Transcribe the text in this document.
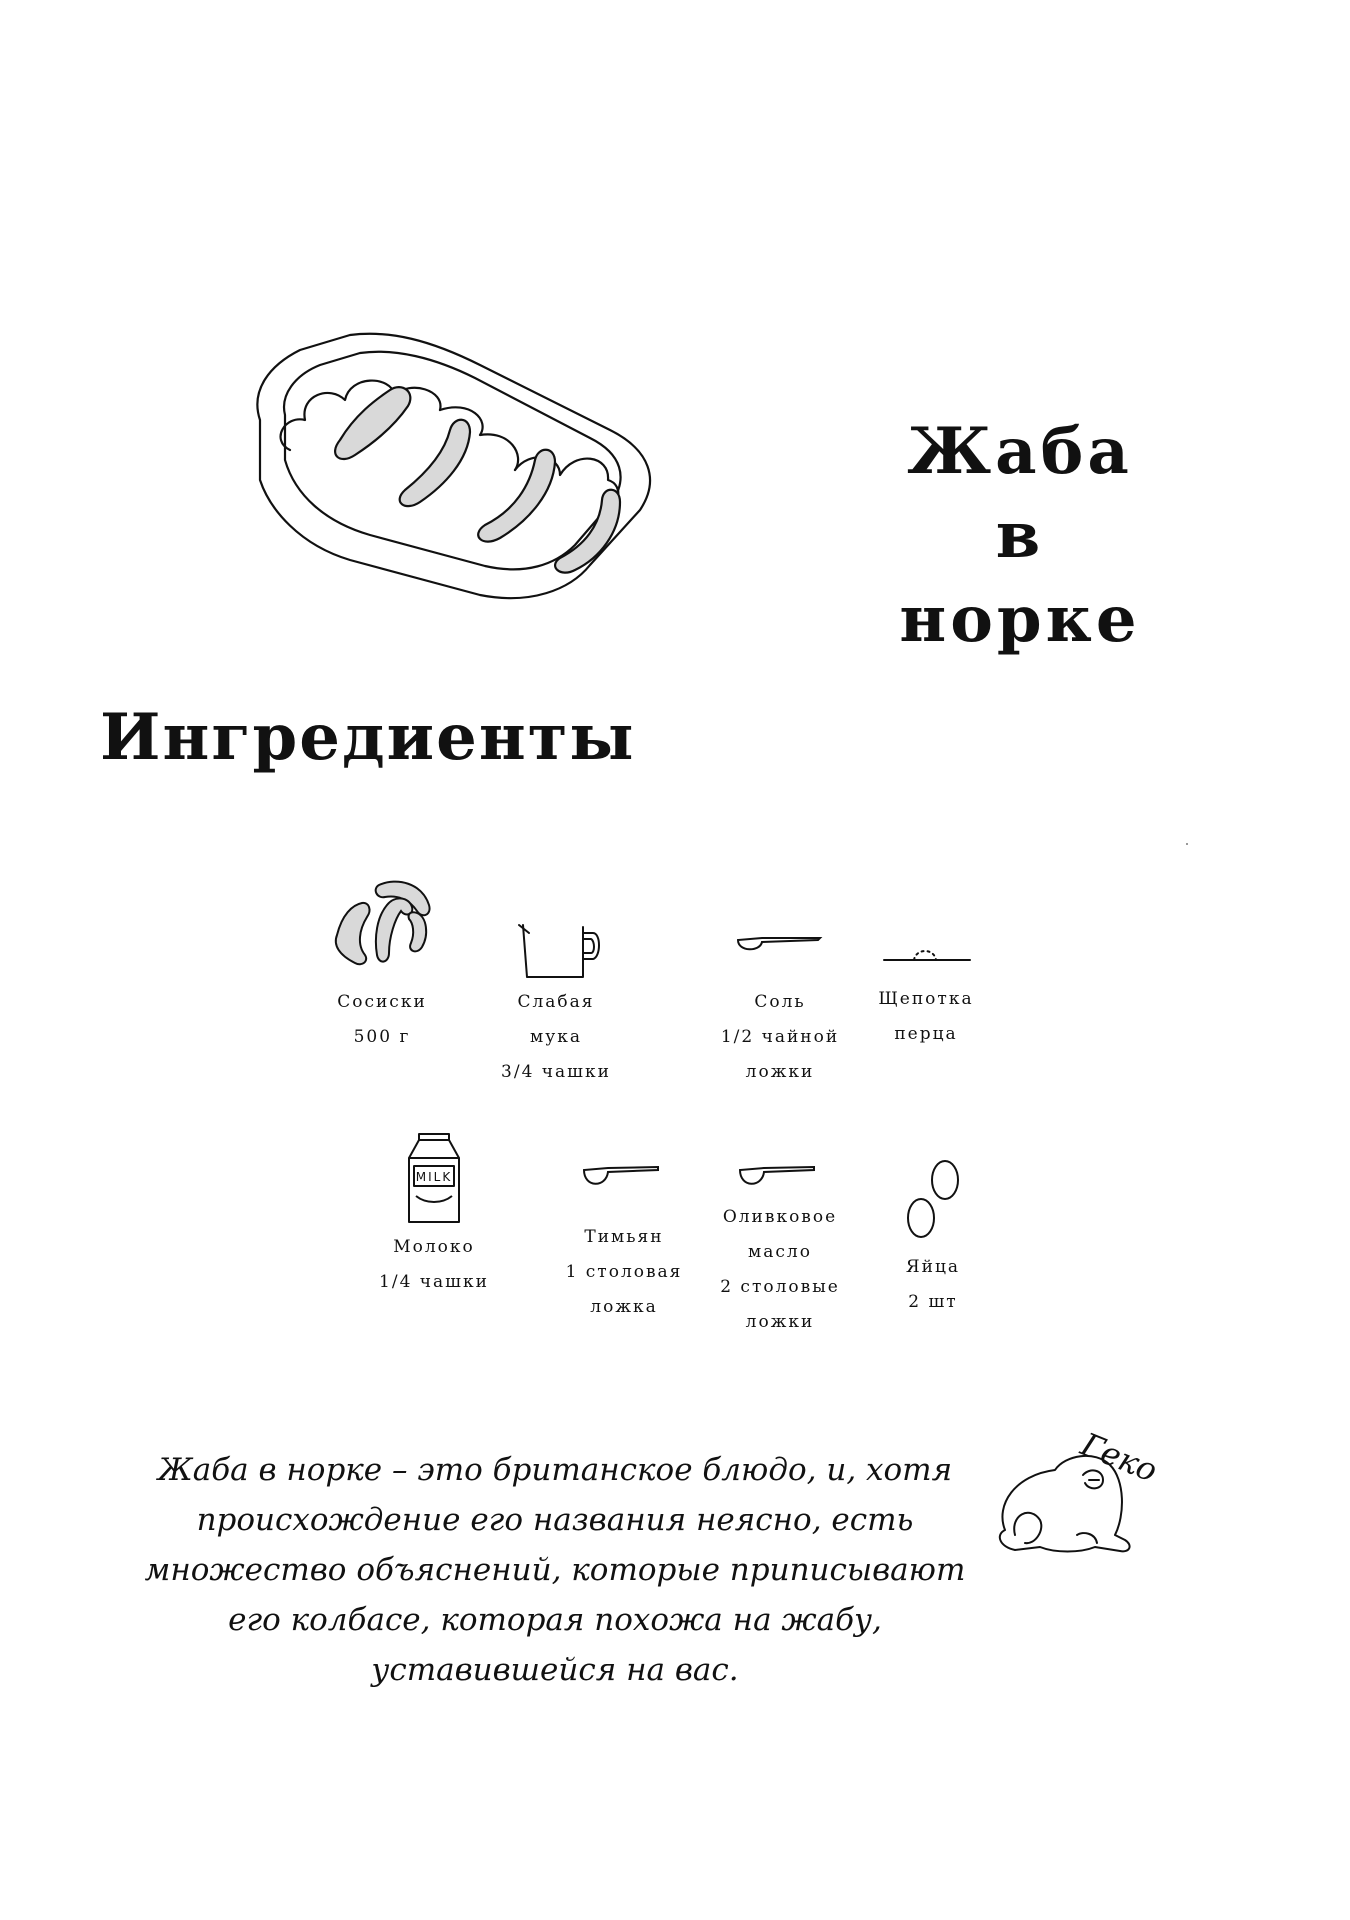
Жаба в
норке
Ингредиенты
Сосиски
500 г
Слабая
мука
3/4 чашки
Соль
1/2 чайной
ложки
Щепотка
перца
MILK
Молоко
1/4 чашки
Тимьян
1 столовая
ложка
Оливковое
масло
2 столовые
ложки
Яйца
2 шт
Жаба в норке – это британское блюдо, и, хотя происхождение его названия неясно, есть множество объяснений, которые приписывают его колбасе, которая похожа на жабу, уставившейся на вас.
Геко
